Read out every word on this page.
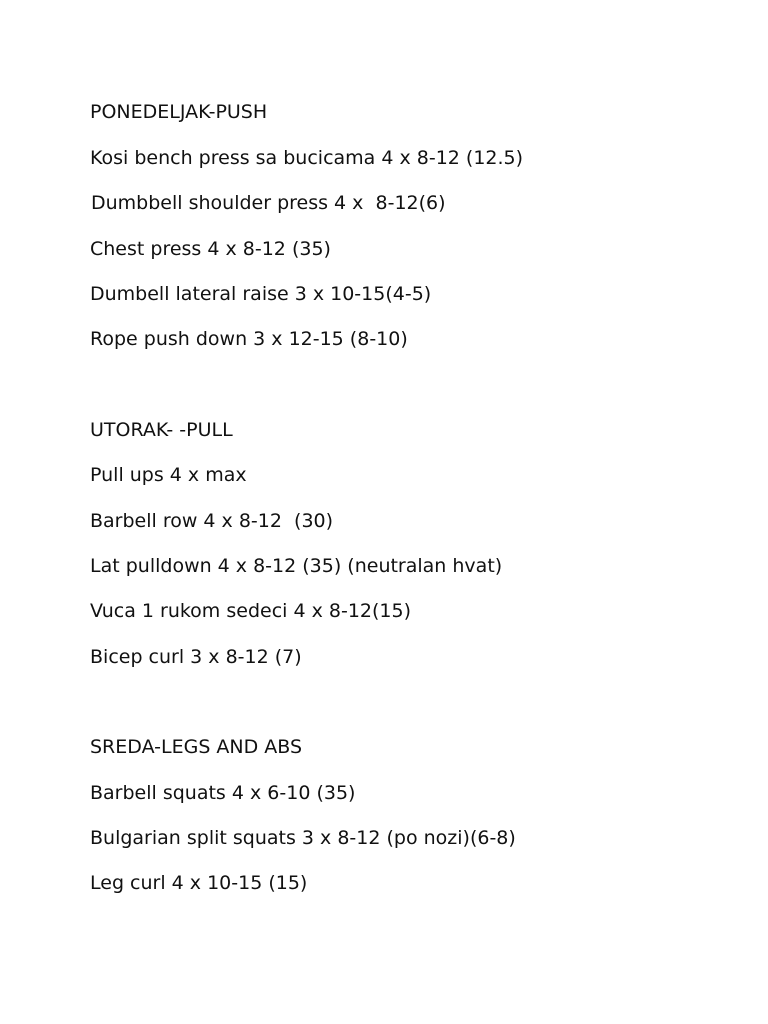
PONEDELJAK-PUSH
Kosi bench press sa bucicama 4 x 8-12 (12.5)
Dumbbell shoulder press 4 x  8-12(6)
Chest press 4 x 8-12 (35)
Dumbell lateral raise 3 x 10-15(4-5)
Rope push down 3 x 12-15 (8-10)
UTORAK- -PULL
Pull ups 4 x max
Barbell row 4 x 8-12  (30)
Lat pulldown 4 x 8-12 (35) (neutralan hvat)
Vuca 1 rukom sedeci 4 x 8-12(15)
Bicep curl 3 x 8-12 (7)
SREDA-LEGS AND ABS
Barbell squats 4 x 6-10 (35)
Bulgarian split squats 3 x 8-12 (po nozi)(6-8)
Leg curl 4 x 10-15 (15)
